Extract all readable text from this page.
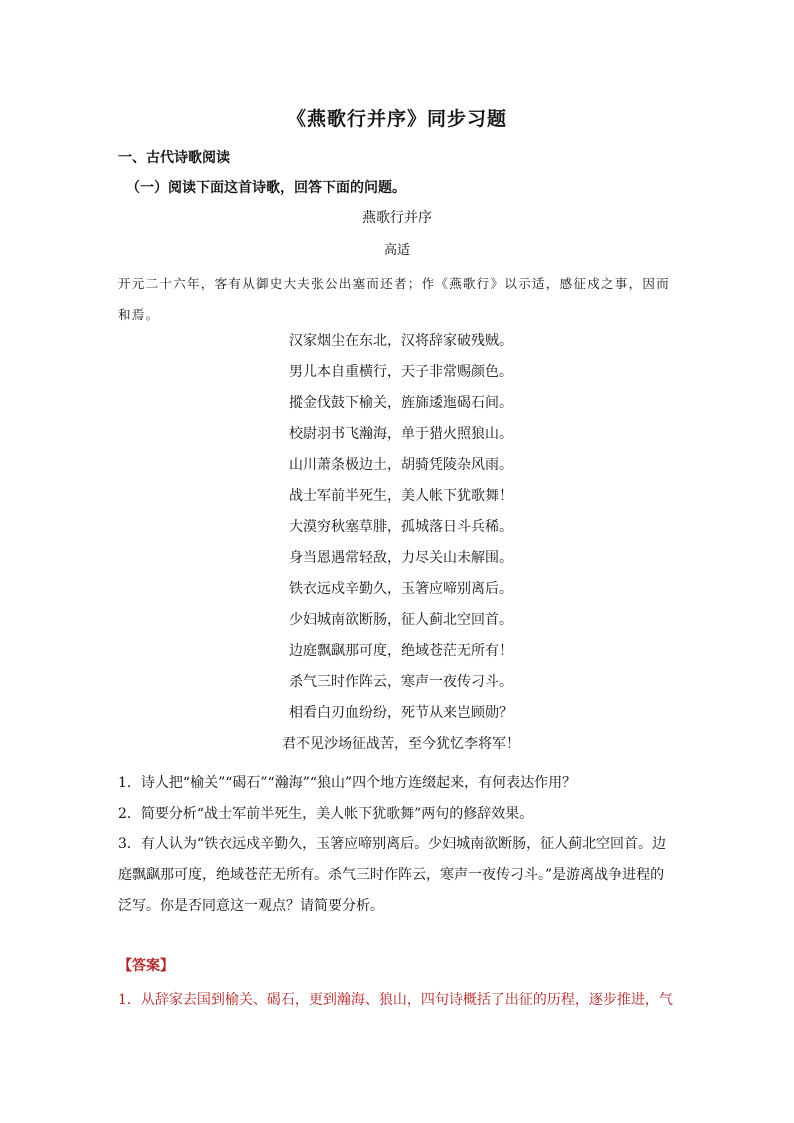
《燕歌行并序》同步习题
一、古代诗歌阅读
（一）阅读下面这首诗歌，回答下面的问题。
燕歌行并序
高适
开元二十六年，客有从御史大夫张公出塞而还者；作《燕歌行》以示适，感征戍之事，因而和焉。
汉家烟尘在东北，汉将辞家破残贼。
男儿本自重横行，天子非常赐颜色。
摐金伐鼓下榆关，旌旆逶迤碣石间。
校尉羽书飞瀚海，单于猎火照狼山。
山川萧条极边土，胡骑凭陵杂风雨。
战士军前半死生，美人帐下犹歌舞！
大漠穷秋塞草腓，孤城落日斗兵稀。
身当恩遇常轻敌，力尽关山未解围。
铁衣远戍辛勤久，玉箸应啼别离后。
少妇城南欲断肠，征人蓟北空回首。
边庭飘飖那可度，绝域苍茫无所有！
杀气三时作阵云，寒声一夜传刁斗。
相看白刃血纷纷，死节从来岂顾勋？
君不见沙场征战苦，至今犹忆李将军！
1．诗人把“榆关”“碣石”“瀚海”“狼山”四个地方连缀起来，有何表达作用？
2．简要分析“战士军前半死生，美人帐下犹歌舞”两句的修辞效果。
3．有人认为“铁衣远戍辛勤久，玉箸应啼别离后。少妇城南欲断肠，征人蓟北空回首。边庭飘飖那可度，绝域苍茫无所有。杀气三时作阵云，寒声一夜传刁斗。”是游离战争进程的泛写。你是否同意这一观点？请简要分析。
【答案】
1．从辞家去国到榆关、碣石，更到瀚海、狼山，四句诗概括了出征的历程，逐步推进，气
